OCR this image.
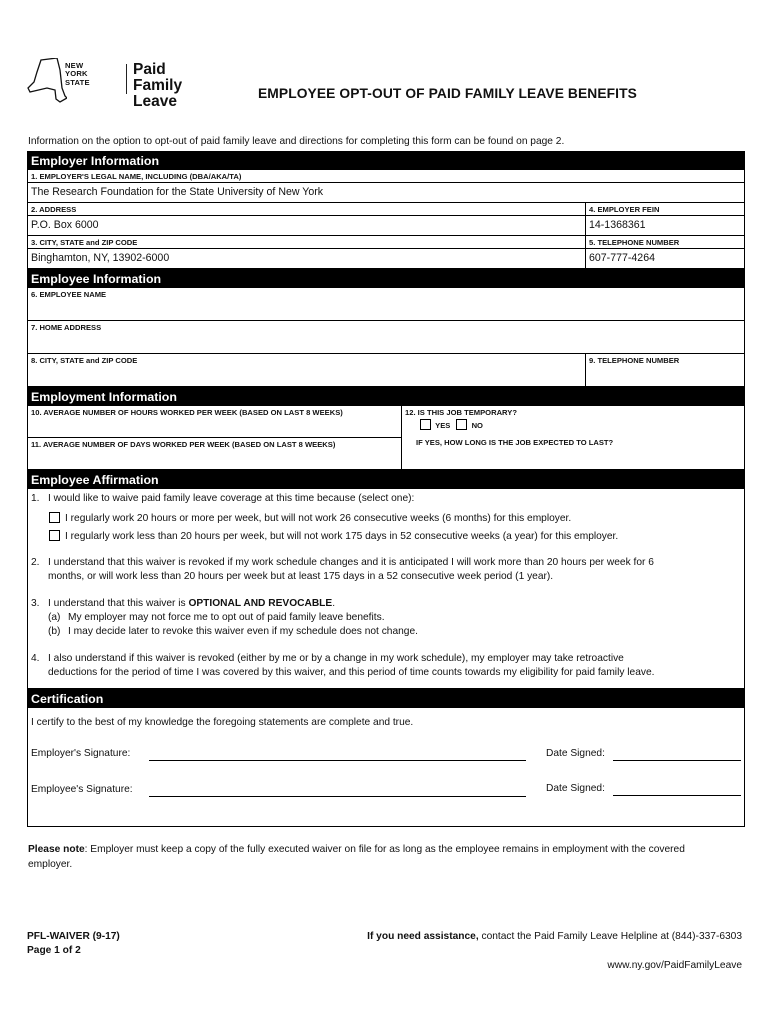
NEW
YORK
STATE
Paid Family
Leave	EMPLOYEE OPT-OUT OF PAID FAMILY LEAVE BENEFITS
Information on the option to opt-out of paid family leave and directions for completing this form can be found on page 2.
Employer Information
1. EMPLOYER'S LEGAL NAME, INCLUDING (DBA/AKA/TA)
The Research Foundation for the State University of New York
2. ADDRESS
P.O. Box 6000
4. EMPLOYER FEIN
14-1368361
3. CITY, STATE and ZIP CODE
Binghamton, NY, 13902-6000
5. TELEPHONE NUMBER
607-777-4264
Employee Information
6. EMPLOYEE NAME
7. HOME ADDRESS
8. CITY, STATE and ZIP CODE	9. TELEPHONE NUMBER
Employment Information
10. AVERAGE NUMBER OF HOURS WORKED PER WEEK (BASED ON LAST 8 WEEKS)
11. AVERAGE NUMBER OF DAYS WORKED PER WEEK (BASED ON LAST 8 WEEKS)
12. IS THIS JOB TEMPORARY?
YES	NO
IF YES, HOW LONG IS THE JOB EXPECTED TO LAST?
Employee Affirmation
1. I would like to waive paid family leave coverage at this time because (select one):
I regularly work 20 hours or more per week, but will not work 26 consecutive weeks (6 months) for this employer.
I regularly work less than 20 hours per week, but will not work 175 days in 52 consecutive weeks (a year) for this employer.
2. I understand that this waiver is revoked if my work schedule changes and it is anticipated I will work more than 20 hours per week for 6
months, or will work less than 20 hours per week but at least 175 days in a 52 consecutive week period (1 year).
3. I understand that this waiver is OPTIONAL AND REVOCABLE.
(a) My employer may not force me to opt out of paid family leave benefits.
(b) I may decide later to revoke this waiver even if my schedule does not change.
4. I also understand if this waiver is revoked (either by me or by a change in my work schedule), my employer may take retroactive
deductions for the period of time I was covered by this waiver, and this period of time counts towards my eligibility for paid family leave.
Certification
I certify to the best of my knowledge the foregoing statements are complete and true.
Employer's Signature:	Date Signed:
Employee's Signature:	Date Signed:
Please note: Employer must keep a copy of the fully executed waiver on file for as long as the employee remains in employment with the covered employer.
PFL-WAIVER (9-17)
Page 1 of 2
If you need assistance, contact the Paid Family Leave Helpline at (844)-337-6303
www.ny.gov/PaidFamilyLeave
